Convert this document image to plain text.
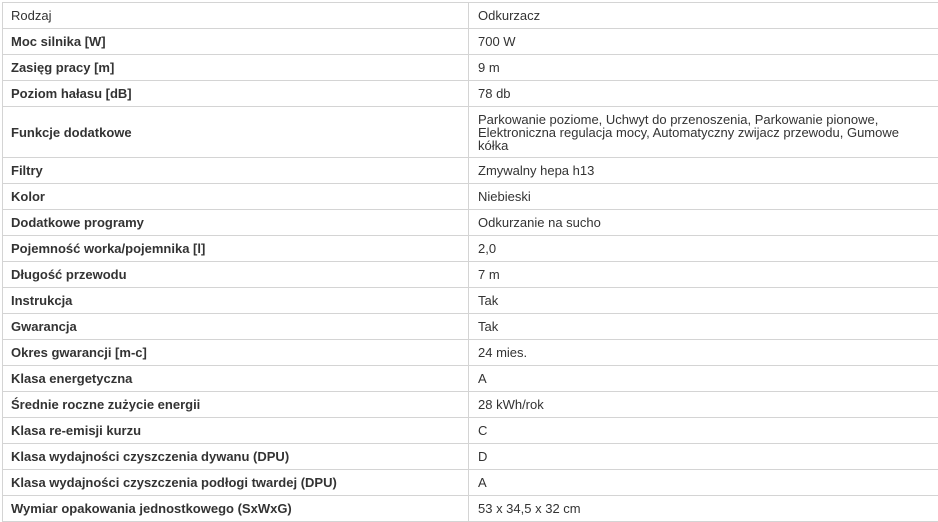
Rodzaj	Odkurzacz
Moc silnika [W]	700 W
Zasięg pracy [m]	9 m
Poziom hałasu [dB]	78 db
Funkcje dodatkowe	Parkowanie poziome, Uchwyt do przenoszenia, Parkowanie pionowe, Elektroniczna regulacja mocy, Automatyczny zwijacz przewodu, Gumowe kółka
Filtry	Zmywalny hepa h13
Kolor	Niebieski
Dodatkowe programy	Odkurzanie na sucho
Pojemność worka/pojemnika [l]	2,0
Długość przewodu	7 m
Instrukcja	Tak
Gwarancja	Tak
Okres gwarancji [m-c]	24 mies.
Klasa energetyczna	A
Średnie roczne zużycie energii	28 kWh/rok
Klasa re-emisji kurzu	C
Klasa wydajności czyszczenia dywanu (DPU)	D
Klasa wydajności czyszczenia podłogi twardej (DPU)	A
Wymiar opakowania jednostkowego (SxWxG)	53 x 34,5 x 32 cm
